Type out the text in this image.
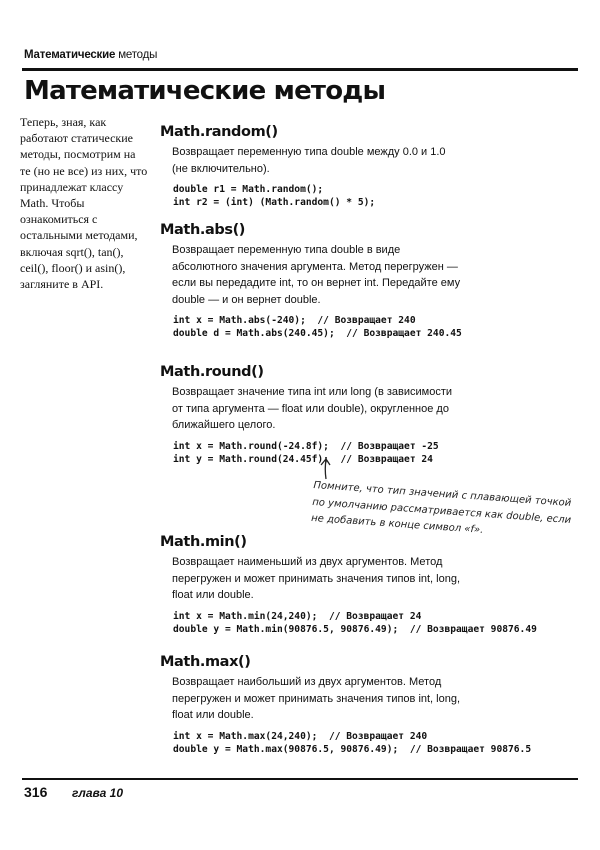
Математические методы
Математические методы
Теперь, зная, как работают статические методы, посмотрим на те (но не все) из них, что принадлежат классу Math. Чтобы ознакомиться с остальными методами, включая sqrt(), tan(), ceil(), floor() и asin(), загляните в API.
Math.random()

Возвращает переменную типа double между 0.0 и 1.0 (не включительно).

double r1 = Math.random();
int r2 = (int) (Math.random() * 5);
Math.abs()

Возвращает переменную типа double в виде абсолютного значения аргумента. Метод перегружен — если вы передадите int, то он вернет int. Передайте ему double — и он вернет double.

int x = Math.abs(-240);  // Возвращает 240
double d = Math.abs(240.45);  // Возвращает 240.45
Math.round()

Возвращает значение типа int или long (в зависимости от типа аргумента — float или double), округленное до ближайшего целого.

int x = Math.round(-24.8f);  // Возвращает -25
int y = Math.round(24.45f);  // Возвращает 24
Помните, что тип значений с плавающей точкой по умолчанию рассматривается как double, если не добавить в конце символ «f».
Math.min()

Возвращает наименьший из двух аргументов. Метод перегружен и может принимать значения типов int, long, float или double.

int x = Math.min(24,240);  // Возвращает 24
double y = Math.min(90876.5, 90876.49);  // Возвращает 90876.49
Math.max()

Возвращает наибольший из двух аргументов. Метод перегружен и может принимать значения типов int, long, float или double.

int x = Math.max(24,240);  // Возвращает 240
double y = Math.max(90876.5, 90876.49);  // Возвращает 90876.5
316 глава 10
